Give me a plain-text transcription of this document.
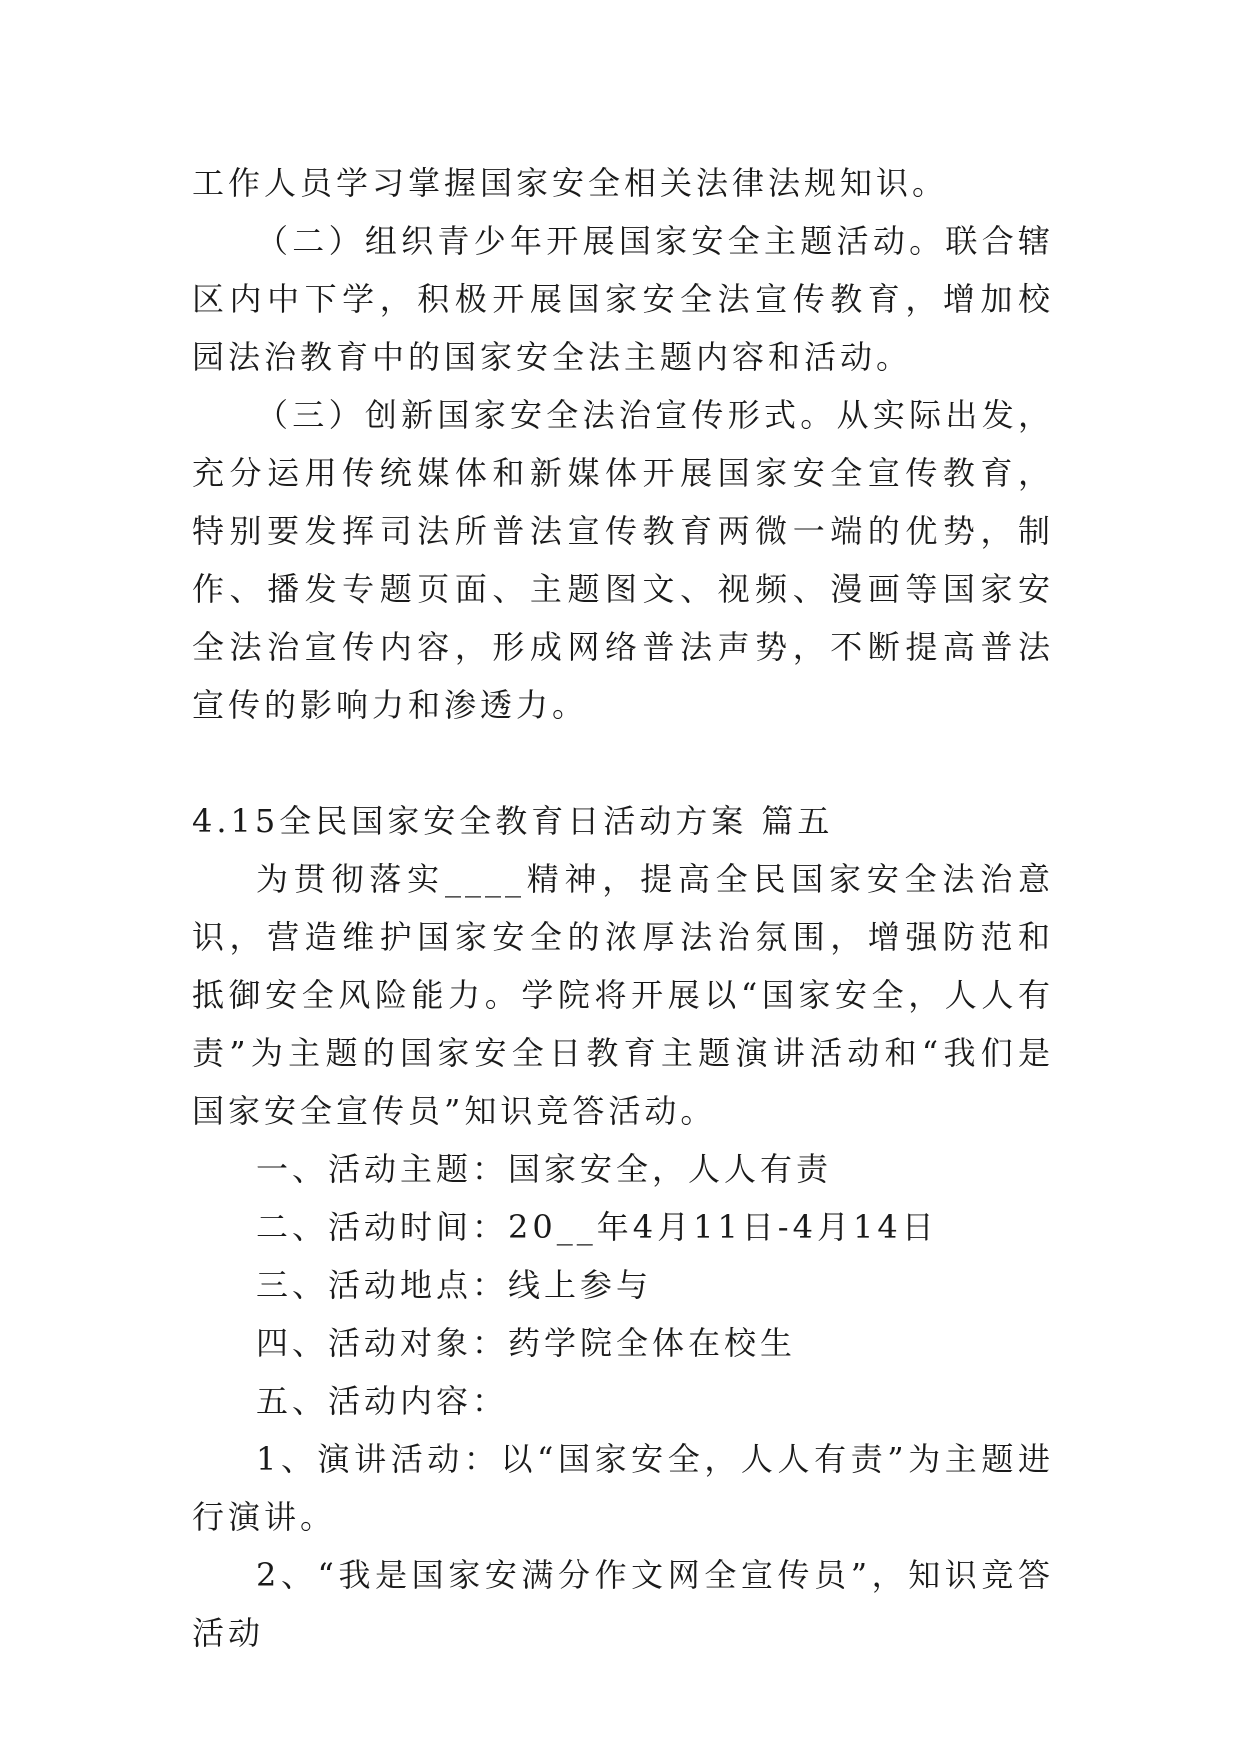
工作人员学习掌握国家安全相关法律法规知识。

（二）组织青少年开展国家安全主题活动。联合辖区内中下学，积极开展国家安全法宣传教育，增加校园法治教育中的国家安全法主题内容和活动。

（三）创新国家安全法治宣传形式。从实际出发，充分运用传统媒体和新媒体开展国家安全宣传教育，特别要发挥司法所普法宣传教育两微一端的优势，制作、播发专题页面、主题图文、视频、漫画等国家安全法治宣传内容，形成网络普法声势，不断提高普法宣传的影响力和渗透力。

4.15全民国家安全教育日活动方案 篇五

为贯彻落实____精神，提高全民国家安全法治意识，营造维护国家安全的浓厚法治氛围，增强防范和抵御安全风险能力。学院将开展以“国家安全，人人有责”为主题的国家安全日教育主题演讲活动和“我们是国家安全宣传员”知识竞答活动。

一、活动主题：国家安全，人人有责

二、活动时间：20__年4月11日-4月14日

三、活动地点：线上参与

四、活动对象：药学院全体在校生

五、活动内容：

1、演讲活动：以“国家安全，人人有责”为主题进行演讲。

2、“我是国家安满分作文网全宣传员”，知识竞答活动
